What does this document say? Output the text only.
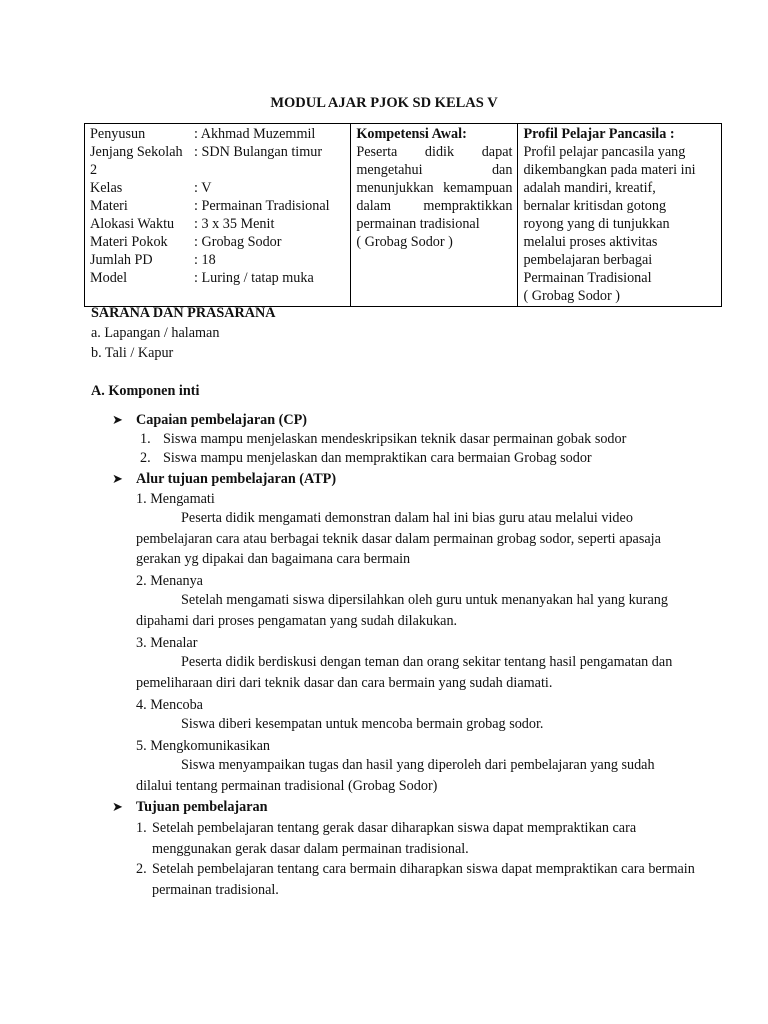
MODUL AJAR PJOK SD KELAS V
Penyusun	: Akhmad Muzemmil
Jenjang Sekolah : SDN Bulangan timur
2
Kelas	: V
Materi	: Permainan Tradisional
Alokasi Waktu	: 3 x 35 Menit
Materi Pokok	: Grobag Sodor
Jumlah PD	: 18
Model	: Luring / tatap muka

Kompetensi Awal:
Peserta didik dapat mengetahui dan menunjukkan kemampuan dalam mempraktikkan permainan tradisional
( Grobag Sodor )

Profil Pelajar Pancasila :
Profil pelajar pancasila yang
dikembangkan pada materi ini
adalah mandiri, kreatif,
bernalar kritisdan gotong
royong yang di tunjukkan
melalui proses aktivitas
pembelajaran berbagai
Permainan Tradisional
( Grobag Sodor )
SARANA DAN PRASARANA
a. Lapangan / halaman
b. Tali / Kapur
A. Komponen inti
➤ Capaian pembelajaran (CP)
1. Siswa mampu menjelaskan mendeskripsikan teknik dasar permainan gobak sodor
2. Siswa mampu menjelaskan dan mempraktikan cara bermaian Grobag sodor
➤ Alur tujuan pembelajaran (ATP)
1. Mengamati
Peserta didik mengamati demonstran dalam hal ini bias guru atau melalui video pembelajaran cara atau berbagai teknik dasar dalam permainan grobag sodor, seperti apasaja gerakan yg dipakai dan bagaimana cara bermain
2. Menanya
Setelah mengamati siswa dipersilahkan oleh guru untuk menanyakan hal yang kurang dipahami dari proses pengamatan yang sudah dilakukan.
3. Menalar
Peserta didik berdiskusi dengan teman dan orang sekitar tentang hasil pengamatan dan pemeliharaan diri dari teknik dasar dan cara bermain yang sudah diamati.
4. Mencoba
Siswa diberi kesempatan untuk mencoba bermain grobag sodor.
5. Mengkomunikasikan
Siswa menyampaikan tugas dan hasil yang diperoleh dari pembelajaran yang sudah dilalui tentang permainan tradisional (Grobag Sodor)
➤ Tujuan pembelajaran
1. Setelah pembelajaran tentang gerak dasar diharapkan siswa dapat mempraktikan cara menggunakan gerak dasar dalam permainan tradisional.
2. Setelah pembelajaran tentang cara bermain diharapkan siswa dapat mempraktikan cara bermain permainan tradisional.
